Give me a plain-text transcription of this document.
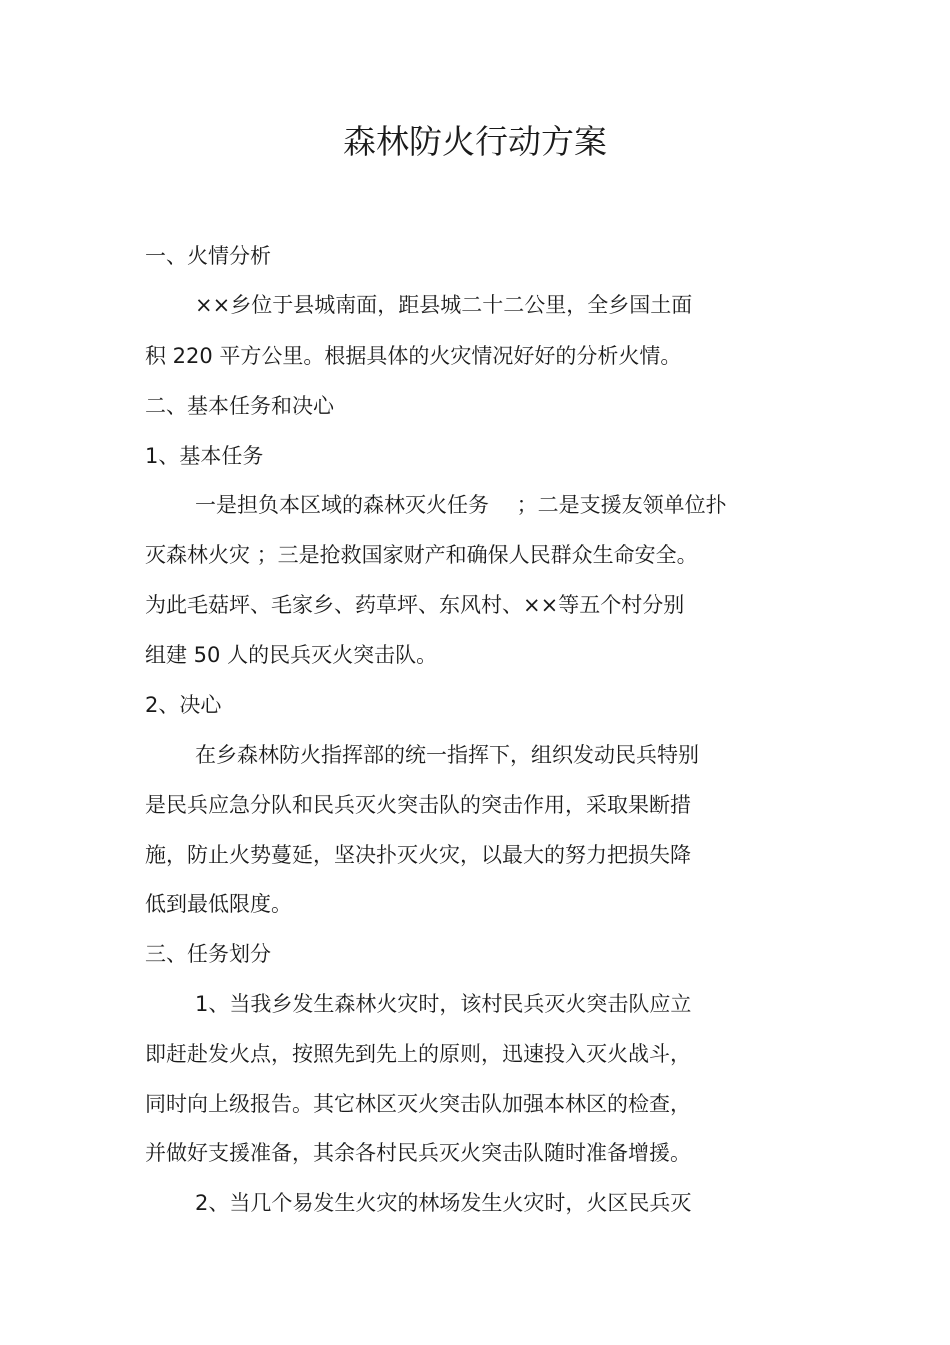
森林防火行动方案
一、火情分析
××乡位于县城南面，距县城二十二公里，全乡国土面
积 220 平方公里。根据具体的火灾情况好好的分析火情。
二、基本任务和决心
1、基本任务
一是担负本区域的森林灭火任务　 ；二是支援友领单位扑
灭森林火灾 ；三是抢救国家财产和确保人民群众生命安全。
为此毛菇坪、毛家乡、药草坪、东风村、××等五个村分别
组建 50 人的民兵灭火突击队。
2、决心
在乡森林防火指挥部的统一指挥下，组织发动民兵特别
是民兵应急分队和民兵灭火突击队的突击作用，采取果断措
施，防止火势蔓延，坚决扑灭火灾，以最大的努力把损失降
低到最低限度。
三、任务划分
1、当我乡发生森林火灾时，该村民兵灭火突击队应立
即赶赴发火点，按照先到先上的原则，迅速投入灭火战斗，
同时向上级报告。其它林区灭火突击队加强本林区的检查，
并做好支援准备，其余各村民兵灭火突击队随时准备增援。
2、当几个易发生火灾的林场发生火灾时，火区民兵灭
